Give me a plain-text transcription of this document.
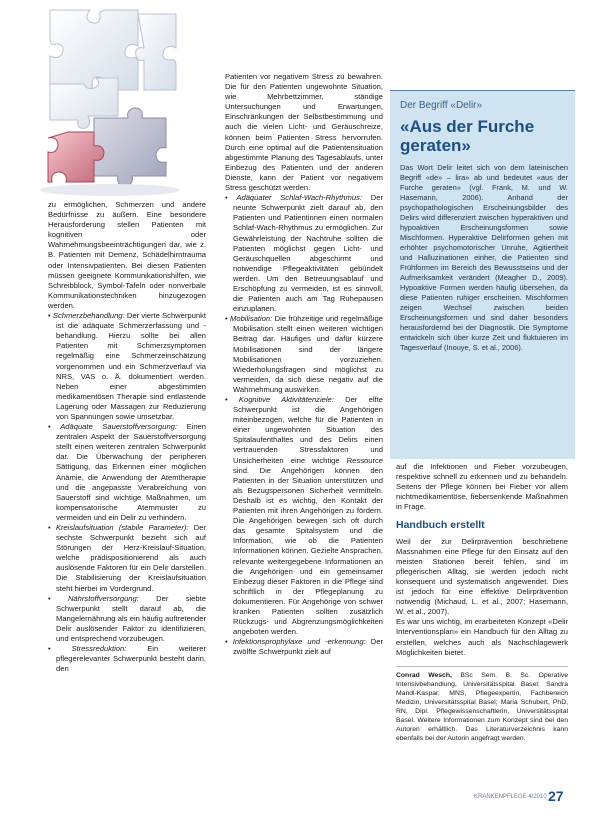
zu ermöglichen, Schmerzen und andere Bedürfnisse zu äußern. Eine besondere Herausforderung stellen Patienten mit kognitiven oder Wahrnehmungsbeeinträchtigungen dar, wie z. B. Patienten mit Demenz, Schädelhirntrauma oder Intensivpatienten. Bei diesen Patienten müssen geeignete Kommunikationshilfen, wie Schreibblock, Symbol-Tafeln oder nonverbale Kommunikationstechniken hinzugezogen werden.

• Schmerzbehandlung: Der vierte Schwerpunkt ist die adäquate Schmerzerfassung und -behandlung. Hierzu sollte bei allen Patienten mit Schmerzsymptomen regelmäßig eine Schmerzeinschätzung vorgenommen und ein Schmerzverlauf via NRS, VAS o. Ä. dokumentiert werden. Neben einer abgestimmten medikamentösen Therapie sind entlastende Lagerung oder Massagen zur Reduzierung von Spannungen sowie umsetzbar.

• Adäquate Sauerstoffversorgung: Einen zentralen Aspekt der Sauerstoffversorgung stellt einen weiteren zentralen Schwerpunkt dar. Die Überwachung der peripheren Sättigung, das Erkennen einer möglichen Anämie, die Anwendung der Atemtherapie und die angepasste Verabreichung von Sauerstoff sind wichtige Maßnahmen, um kompensatorische Atemmuster zu vermeiden und ein Delir zu verhindern.

• Kreislaufsituation (stabile Parameter): Der sechste Schwerpunkt bezieht sich auf Störungen der Herz-Kreislauf-Situation, welche prädispositionierend als auch auslösende Faktoren für ein Delir darstellen. Die Stabilisierung der Kreislaufsituation steht hierbei im Vordergrund.

• Nährstoffversorgung: Der siebte Schwerpunkt stellt darauf ab, die Mangelernährung als ein häufig auftretender Delir auslösender Faktor zu identifizieren, und entsprechend vorzubeugen.

• Stressreduktion:	Ein weiterer pflegerelevanter Schwerpunkt besteht darin, den

Patienten vor negativem Stress zu bewahren. Die für den Patienten ungewohnte Situation, wie Mehrbettzimmer, ständige Untersuchungen und Erwartungen, Einschränkungen der Selbstbestimmung und auch die vielen Licht- und Geräuschreize, können beim Patienten Stress hervorrufen. Durch eine optimal auf die Patientensituation abgestimmte Planung des Tagesablaufs, unter Einbezug des Patienten und der anderen Dienste, kann der Patient vor negativem Stress geschützt werden.

• Adäquater Schlaf-Wach-Rhythmus: Der neunte Schwerpunkt zielt darauf ab, den Patienten und Patientinnen einen normalen Schlaf-Wach-Rhythmus zu ermöglichen. Zur Gewährleistung der Nachtruhe sollten die Patienten möglichst gegen Licht- und Geräuschquellen abgeschirmt und notwendige Pflegeaktivitäten gebündelt werden. Um den Betreuungsablauf und Erschöpfung zu vermeiden, ist es sinnvoll, die Patienten auch am Tag Ruhepausen einzuplanen.

• Mobilisation: Die frühzeitige und regelmäßige Mobilisation stellt einen weiteren wichtigen Beitrag dar. Häufiges und dafür kürzere Mobilisationen sind der längere Mobilisationen vorzuziehen. Wiederholungsfragen sind möglichst zu vermeiden, da sich diese negativ auf die Wahrnehmung auswirken.

• Kognitive Aktivitätenziele: Der elfte Schwerpunkt ist die Angehörigen miteinbezogen, welche für die Patienten in einer ungewohnten Situation des Spitalaufenthaltes und des Delirs einen vertrauenden Stressfaktoren und Unsicherheiten eine wichtige Ressource sind. Die Angehörigen können den Patienten in der Situation unterstützen und als Bezugspersonen Sicherheit vermitteln. Deshalb ist es wichtig, den Kontakt der Patienten mit ihren Angehörigen zu fördern. Die Angehörigen bewegen sich oft durch das gesamte Spitalsystem und die Information, wie ob die Patienten Informationen können. Gezielte Ansprachen, relevante weitergegebene Informationen an die Angehörigen und ein gemeinsamer Einbezug dieser Faktoren in die Pflege sind schriftlich in der Pflegeplanung zu dokumentieren. Für Angehörige von schwer kranken Patienten sollten zusätzlich Rückzugs- und Abgrenzungsmöglichkeiten angeboten werden.

• Infektionsprophylaxe und -erkennung: Der zwölfte Schwerpunkt zielt auf

Der Begriff «Delir»
«Aus der Furche geraten»
Das Wort Delir leitet sich von dem lateinischen Begriff «de» – lira» ab und bedeutet «aus der Furche geraten» (vgl. Frank, M. und W. Hasemann, 2006). Anhand der psychopathologischen Erscheinungsbilder des Delirs wird differenziert zwischen hyperaktiven und hypoaktiven Erscheinungsformen sowie Mischformen. Hyperaktive Delirformen gehen mit erhöhter psychomotorischer Unruhe, Agitiertheit und Halluzinationen einher, die Patienten sind Frühformen im Bereich des Bewusstseins und der Aufmerksamkeit verändert (Meagher D., 2009). Hypoaktive Formen werden häufig übersehen, da diese Patienten ruhiger erscheinen. Mischformen zeigen Wechsel zwischen beiden Erscheinungsformen und sind daher besonders herausfordernd bei der Diagnostik. Die Symptome entwickeln sich über kurze Zeit und fluktuieren im Tagesverlauf (Inouye, S. et al., 2006).

auf die Infektionen und Fieber vorzubeugen, respektive schnell zu erkennen und zu behandeln. Seitens der Pflege können bei Fieber vor allem nichtmedikamentöse, fiebersenkende Maßnahmen in Frage.

Handbuch erstellt

Weil der zur Delirprävention beschriebene Massnahmen eine Pflege für den Einsatz auf den meisten Stationen bereit fehlen, sind im pflegerischen Alltag, sie werden jedoch nicht konsequent und systematisch angewendet. Dies ist jedoch für eine effektive Delirprävention notwendig (Michaud, L. et al., 2007; Hasemann, W. et al., 2007).

Es war uns wichtig, im erarbeiteten Konzept «Delir Interventionsplan» ein Handbuch für den Alltag zu erstellen, welches auch als Nachschlagewerk Möglichkeiten bietet.

Conrad Wesch, BSc Sem. B. Sc. Operative Intensivbehandlung, Universitätsspital Basel; Sandra Mandl-Kaspar, MNS, Pflegeexpertin, Fachbereich Medizin, Universitätsspital Basel; Maria Schubert, PhD, RN, Dipl. Pflegewissenschaftlerin, Universitätsspital Basel. Weitere Informationen zum Konzept sind bei den Autoren erhältlich. Das Literaturverzeichnis kann ebenfalls bei der Autorin angefragt werden.
KRANKENPFLEGE 4/2010 27
